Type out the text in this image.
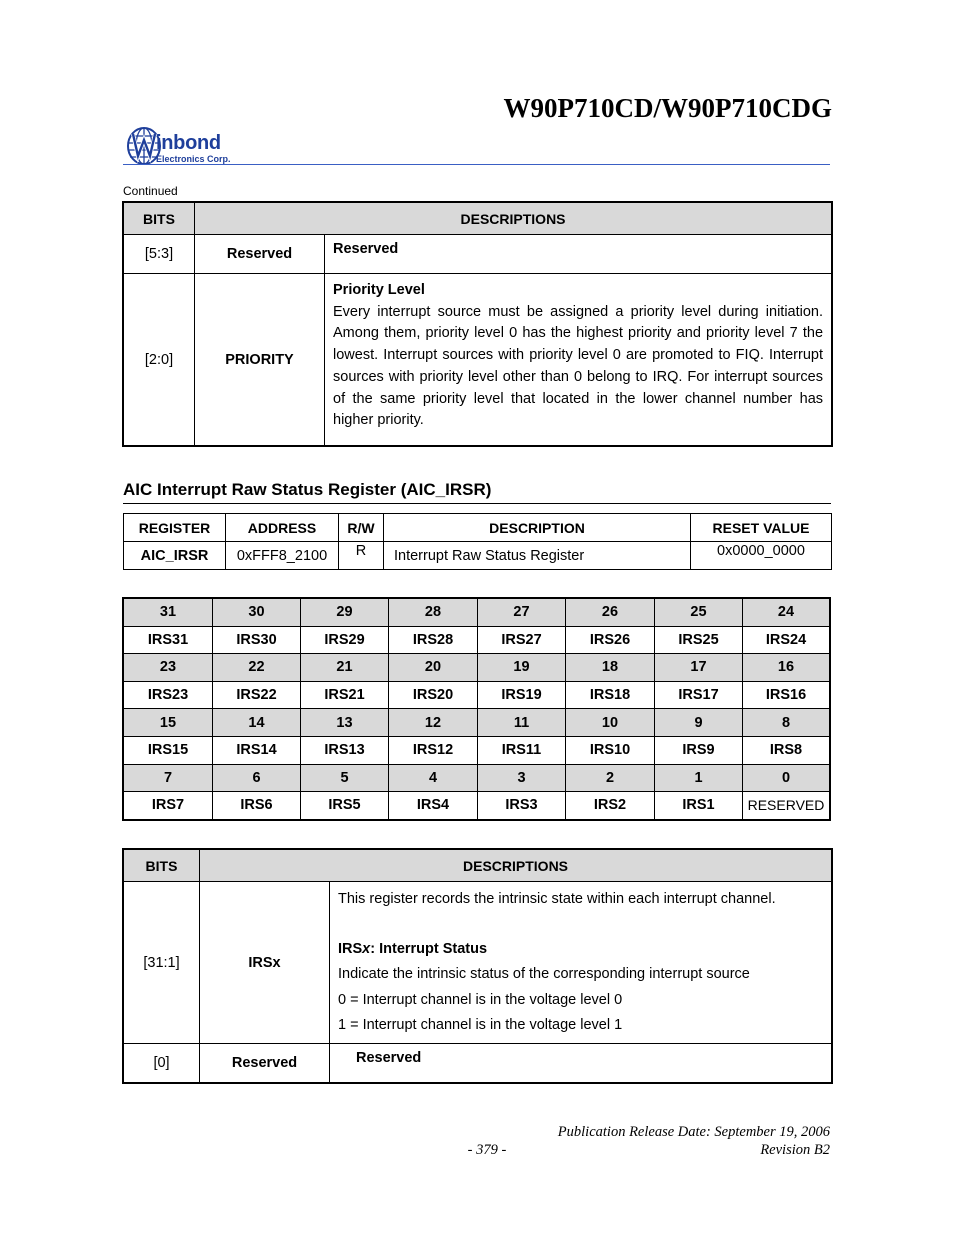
W90P710CD/W90P710CDG
inbond
Electronics Corp.
Continued
BITS	DESCRIPTIONS	
[5:3]	Reserved	Reserved
[2:0]	PRIORITY	Priority Level
Every interrupt source must be assigned a priority level during initiation. Among them, priority level 0 has the highest priority and priority level 7 the lowest. Interrupt sources with priority level 0 are promoted to FIQ. Interrupt sources with priority level other than 0 belong to IRQ. For interrupt sources of the same priority level that located in the lower channel number has higher priority.
AIC Interrupt Raw Status Register (AIC_IRSR)
REGISTER	ADDRESS	R/W	DESCRIPTION	RESET VALUE
AIC_IRSR	0xFFF8_2100	R	Interrupt Raw Status Register	0x0000_0000
31	30	29	28	27	26	25	24
IRS31	IRS30	IRS29	IRS28	IRS27	IRS26	IRS25	IRS24
23	22	21	20	19	18	17	16
IRS23	IRS22	IRS21	IRS20	IRS19	IRS18	IRS17	IRS16
15	14	13	12	11	10	9	8
IRS15	IRS14	IRS13	IRS12	IRS11	IRS10	IRS9	IRS8
7	6	5	4	3	2	1	0
IRS7	IRS6	IRS5	IRS4	IRS3	IRS2	IRS1	RESERVED
BITS	DESCRIPTIONS	
[31:1]	IRSx	This register records the intrinsic state within each interrupt channel.
IRSx: Interrupt Status
Indicate the intrinsic status of the corresponding interrupt source
0 = Interrupt channel is in the voltage level 0
1 = Interrupt channel is in the voltage level 1

[0]	Reserved	Reserved
Publication Release Date: September 19, 2006
- 379 -	Revision B2
